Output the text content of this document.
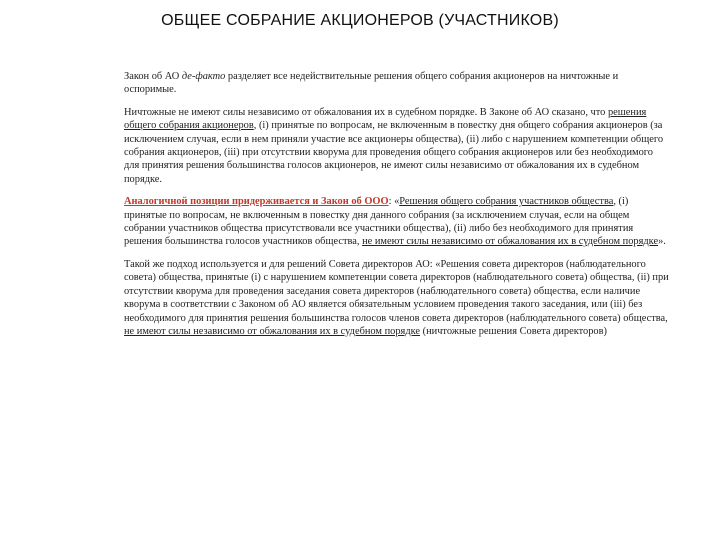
ОБЩЕЕ СОБРАНИЕ АКЦИОНЕРОВ (УЧАСТНИКОВ)

Закон об АО де-факто разделяет все недействительные решения общего собрания акционеров на ничтожные и оспоримые.

Ничтожные не имеют силы независимо от обжалования их в судебном порядке. В Законе об АО сказано, что решения общего собрания акционеров, (i) принятые по вопросам, не включенным в повестку дня общего собрания акционеров (за исключением случая, если в нем приняли участие все акционеры общества), (ii) либо с нарушением компетенции общего собрания акционеров, (iii) при отсутствии кворума для проведения общего собрания акционеров или без необходимого для принятия решения большинства голосов акционеров, не имеют силы независимо от обжалования их в судебном порядке.

Аналогичной позиции придерживается и Закон об ООО: «Решения общего собрания участников общества, (i) принятые по вопросам, не включенным в повестку дня данного собрания (за исключением случая, если на общем собрании участников общества присутствовали все участники общества), (ii) либо без необходимого для принятия решения большинства голосов участников общества, не имеют силы независимо от обжалования их в судебном порядке».

Такой же подход используется и для решений Совета директоров АО: «Решения совета директоров (наблюдательного совета) общества, принятые (i) с нарушением компетенции совета директоров (наблюдательного совета) общества, (ii) при отсутствии кворума для проведения заседания совета директоров (наблюдательного совета) общества, если наличие кворума в соответствии с Законом об АО является обязательным условием проведения такого заседания, или (iii) без необходимого для принятия решения большинства голосов членов совета директоров (наблюдательного совета) общества, не имеют силы независимо от обжалования их в судебном порядке (ничтожные решения Совета директоров)
